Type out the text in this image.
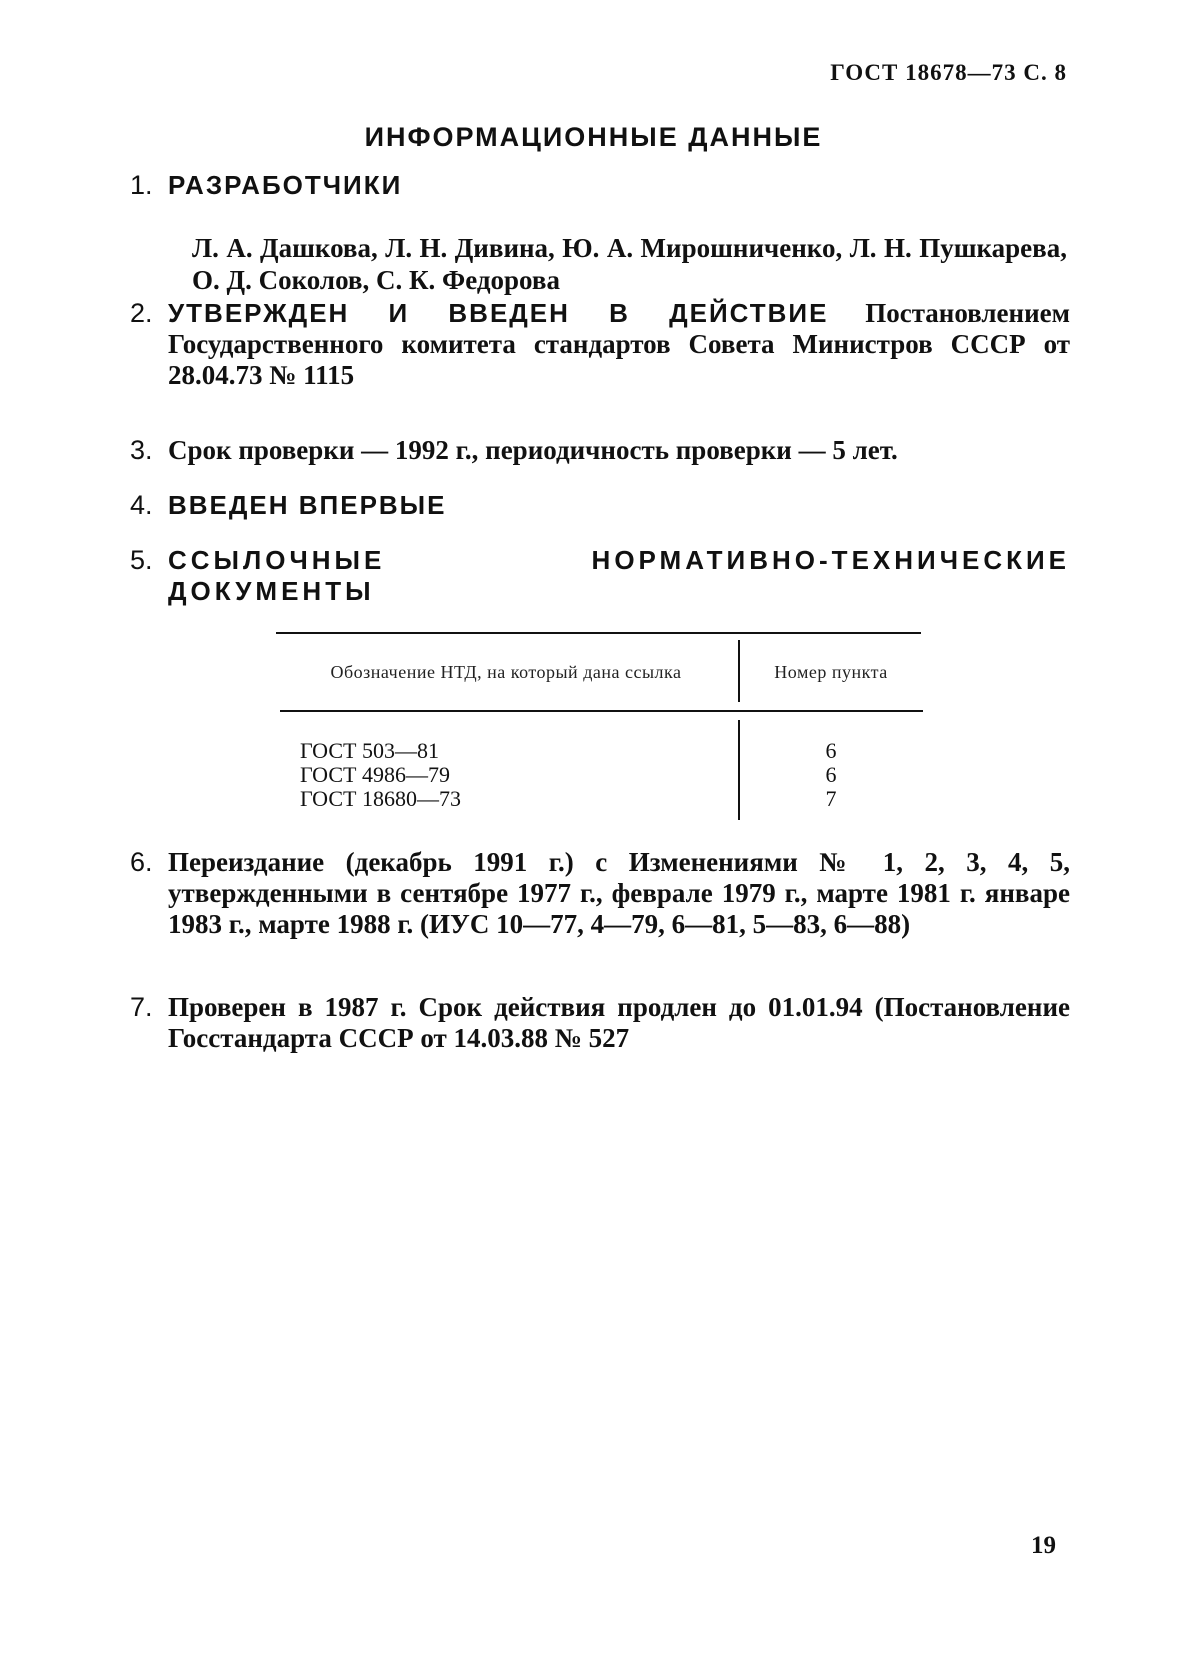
ГОСТ 18678—73 С. 8
ИНФОРМАЦИОННЫЕ ДАННЫЕ
1. РАЗРАБОТЧИКИ
Л. А. Дашкова, Л. Н. Дивина, Ю. А. Мирошниченко, Л. Н. Пушкарева, О. Д. Соколов, С. К. Федорова
2. УТВЕРЖДЕН И ВВЕДЕН В ДЕЙСТВИЕ Постановлением Государственного комитета стандартов Совета Министров СССР от 28.04.73 № 1115
3. Срок проверки — 1992 г., периодичность проверки — 5 лет.
4. ВВЕДЕН ВПЕРВЫЕ
5. ССЫЛОЧНЫЕ НОРМАТИВНО-ТЕХНИЧЕСКИЕ ДОКУМЕНТЫ
Обозначение НТД, на который дана ссылка	Номер пункта
ГОСТ 503—81
ГОСТ 4986—79
ГОСТ 18680—73
6
6
7
6. Переиздание (декабрь 1991 г.) с Изменениями № 1, 2, 3, 4, 5, утвержденными в сентябре 1977 г., феврале 1979 г., марте 1981 г. январе 1983 г., марте 1988 г. (ИУС 10—77, 4—79, 6—81, 5—83, 6—88)
7. Проверен в 1987 г. Срок действия продлен до 01.01.94 (Постановление Госстандарта СССР от 14.03.88 № 527
19
